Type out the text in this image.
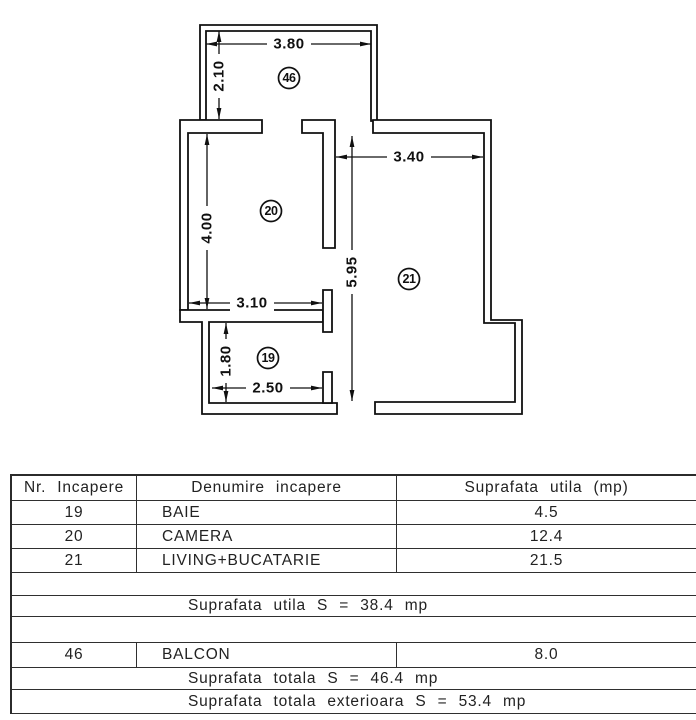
3.80
2.10
4.00
5.95
3.40
3.10
1.80
2.50
46
20
21
19
Nr. Incapere	Denumire incapere	Suprafata utila (mp)
19	BAIE	4.5
20	CAMERA	12.4
21	LIVING+BUCATARIE	21.5
Suprafata utila S = 38.4 mp
46	BALCON	8.0
Suprafata totala S = 46.4 mp
Suprafata totala exterioara S = 53.4 mp
